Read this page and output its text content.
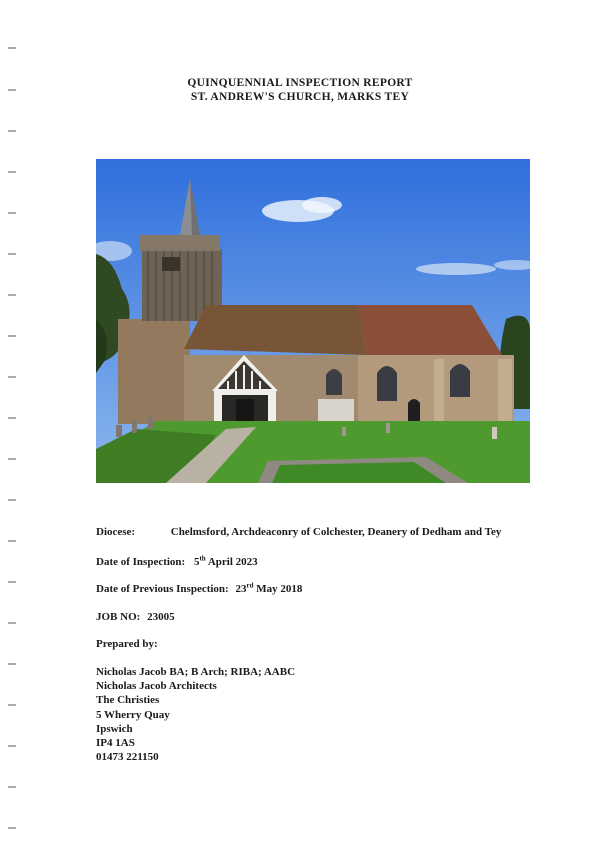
QUINQUENNIAL INSPECTION REPORT
ST. ANDREW'S CHURCH, MARKS TEY
Diocese:	Chelmsford, Archdeaconry of Colchester, Deanery of Dedham and Tey
Date of Inspection: 5th April 2023
Date of Previous Inspection: 23rd May 2018
JOB NO: 23005
Prepared by:
Nicholas Jacob BA; B Arch; RIBA; AABC
Nicholas Jacob Architects
The Christies
5 Wherry Quay
Ipswich
IP4 1AS
01473 221150
